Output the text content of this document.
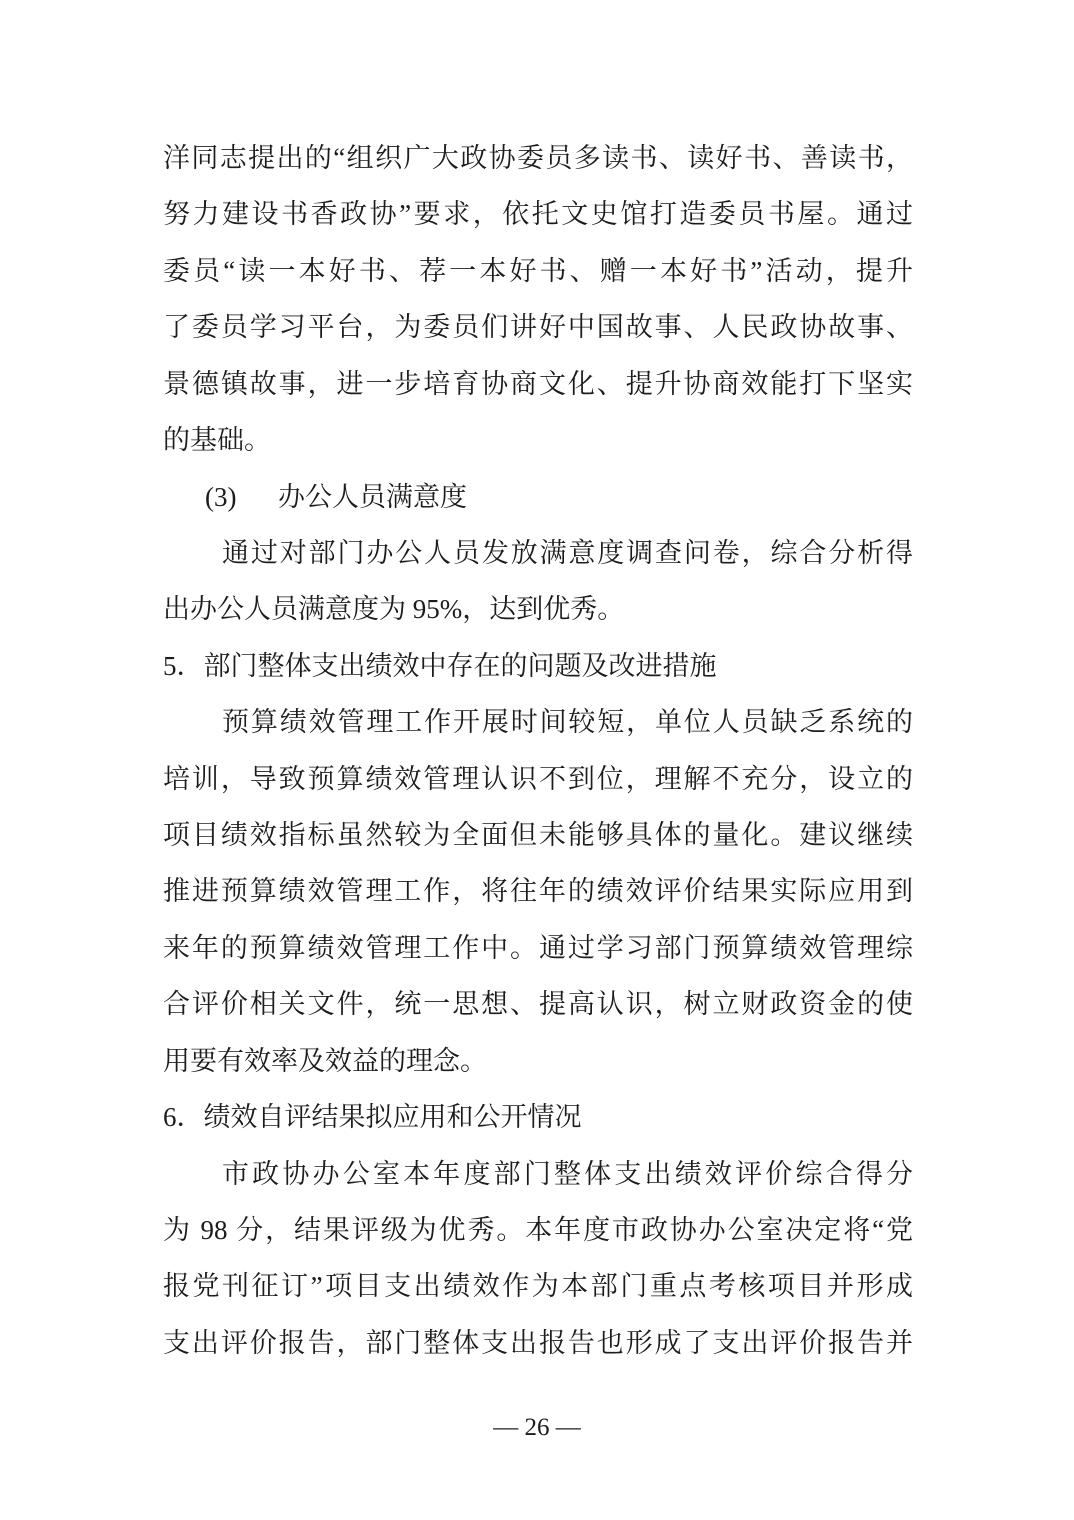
洋同志提出的“组织广大政协委员多读书、读好书、善读书，
努力建设书香政协”要求，依托文史馆打造委员书屋。通过
委员“读一本好书、荐一本好书、赠一本好书”活动，提升
了委员学习平台，为委员们讲好中国故事、人民政协故事、
景德镇故事，进一步培育协商文化、提升协商效能打下坚实
的基础。
(3) 办公人员满意度
通过对部门办公人员发放满意度调查问卷，综合分析得
出办公人员满意度为 95%，达到优秀。
5．部门整体支出绩效中存在的问题及改进措施
预算绩效管理工作开展时间较短，单位人员缺乏系统的
培训，导致预算绩效管理认识不到位，理解不充分，设立的
项目绩效指标虽然较为全面但未能够具体的量化。建议继续
推进预算绩效管理工作，将往年的绩效评价结果实际应用到
来年的预算绩效管理工作中。通过学习部门预算绩效管理综
合评价相关文件，统一思想、提高认识，树立财政资金的使
用要有效率及效益的理念。
6．绩效自评结果拟应用和公开情况
市政协办公室本年度部门整体支出绩效评价综合得分
为 98 分，结果评级为优秀。本年度市政协办公室决定将“党
报党刊征订”项目支出绩效作为本部门重点考核项目并形成
支出评价报告，部门整体支出报告也形成了支出评价报告并
— 26 —
